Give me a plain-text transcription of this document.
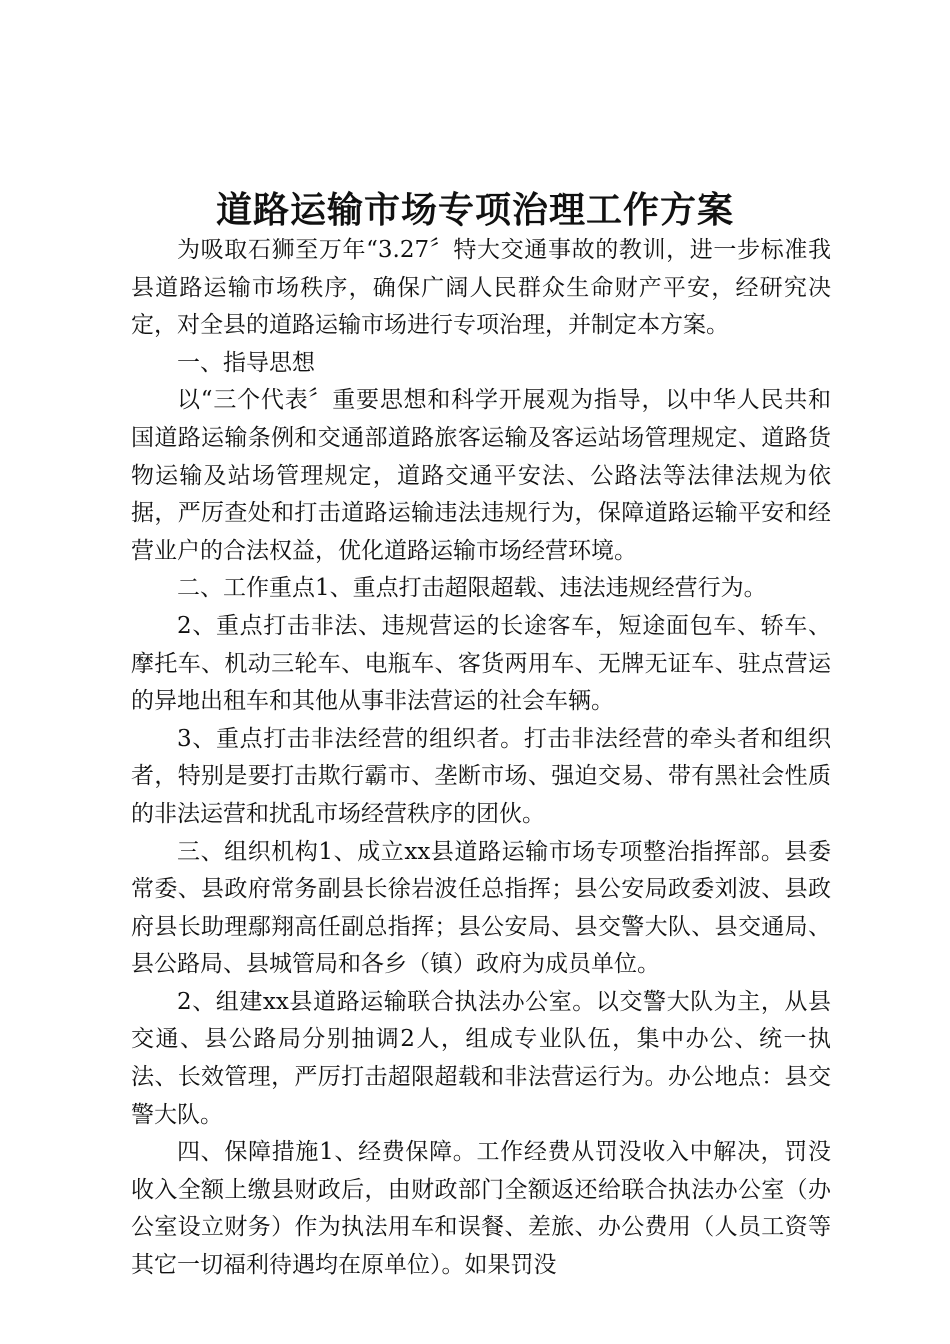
道路运输市场专项治理工作方案

为吸取石狮至万年“3.27〞特大交通事故的教训，进一步标准我县道路运输市场秩序，确保广阔人民群众生命财产平安，经研究决定，对全县的道路运输市场进行专项治理，并制定本方案。

一、指导思想

以“三个代表〞重要思想和科学开展观为指导，以中华人民共和国道路运输条例和交通部道路旅客运输及客运站场管理规定、道路货物运输及站场管理规定，道路交通平安法、公路法等法律法规为依据，严厉查处和打击道路运输违法违规行为，保障道路运输平安和经营业户的合法权益，优化道路运输市场经营环境。

二、工作重点1、重点打击超限超载、违法违规经营行为。

2、重点打击非法、违规营运的长途客车，短途面包车、轿车、摩托车、机动三轮车、电瓶车、客货两用车、无牌无证车、驻点营运的异地出租车和其他从事非法营运的社会车辆。

3、重点打击非法经营的组织者。打击非法经营的牵头者和组织者，特别是要打击欺行霸市、垄断市场、强迫交易、带有黑社会性质的非法运营和扰乱市场经营秩序的团伙。

三、组织机构1、成立xx县道路运输市场专项整治指挥部。县委常委、县政府常务副县长徐岩波任总指挥；县公安局政委刘波、县政府县长助理鄢翔高任副总指挥；县公安局、县交警大队、县交通局、县公路局、县城管局和各乡（镇）政府为成员单位。

2、组建xx县道路运输联合执法办公室。以交警大队为主，从县交通、县公路局分别抽调2人，组成专业队伍，集中办公、统一执法、长效管理，严厉打击超限超载和非法营运行为。办公地点：县交警大队。

四、保障措施1、经费保障。工作经费从罚没收入中解决，罚没收入全额上缴县财政后，由财政部门全额返还给联合执法办公室（办公室设立财务）作为执法用车和误餐、差旅、办公费用（人员工资等其它一切福利待遇均在原单位）。如果罚没
